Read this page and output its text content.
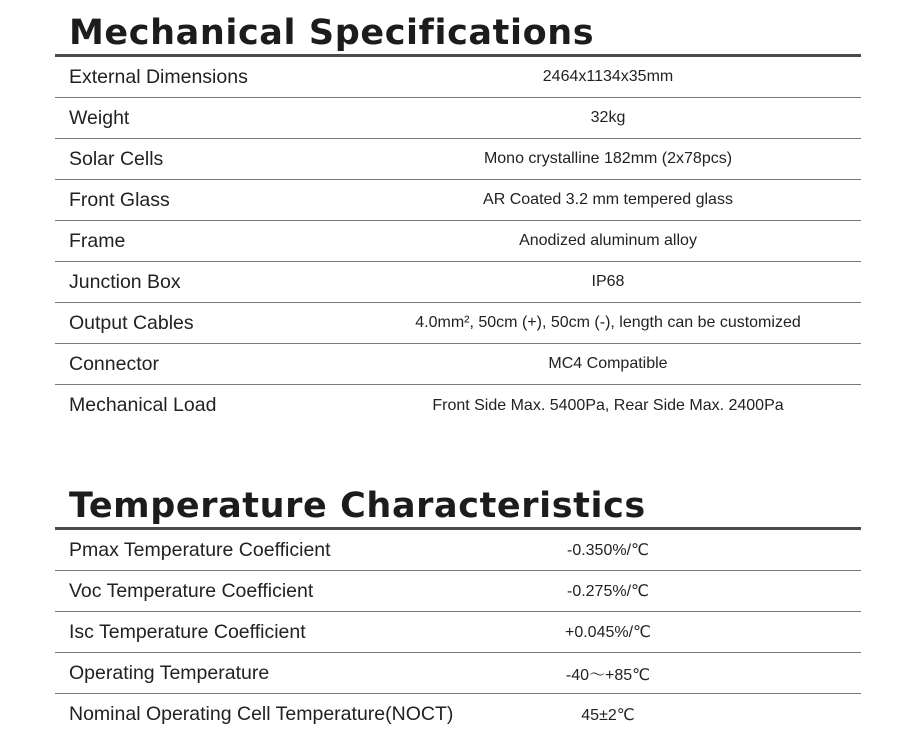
Mechanical Specifications
External Dimensions	2464x1134x35mm
Weight	32kg
Solar Cells	Mono crystalline 182mm (2x78pcs)
Front Glass	AR Coated 3.2 mm tempered glass
Frame	Anodized aluminum alloy
Junction Box	IP68
Output Cables	4.0mm², 50cm (+), 50cm (-), length can be customized
Connector	MC4 Compatible
Mechanical Load	Front Side Max. 5400Pa, Rear Side Max. 2400Pa
Temperature Characteristics
Pmax Temperature Coefficient	-0.350%/℃
Voc Temperature Coefficient	-0.275%/℃
Isc Temperature Coefficient	+0.045%/℃
Operating Temperature	-40～+85℃
Nominal Operating Cell Temperature(NOCT)	45±2℃
